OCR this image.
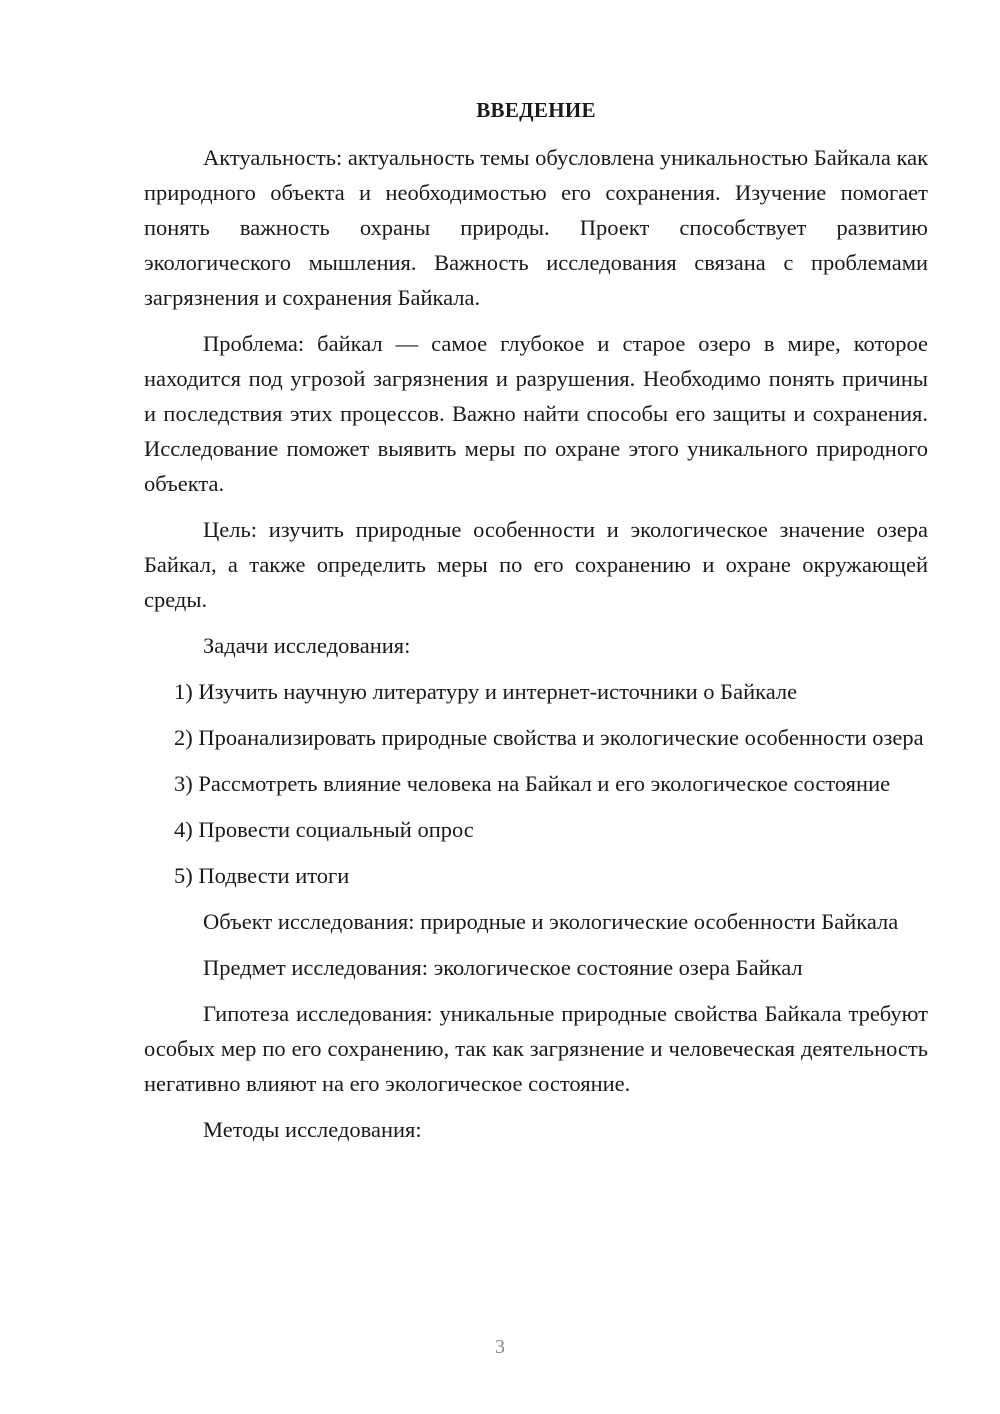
ВВЕДЕНИЕ
Актуальность: актуальность темы обусловлена уникальностью Байкала как природного объекта и необходимостью его сохранения. Изучение помогает понять важность охраны природы. Проект способствует развитию экологического мышления. Важность исследования связана с проблемами загрязнения и сохранения Байкала.
Проблема: байкал — самое глубокое и старое озеро в мире, которое находится под угрозой загрязнения и разрушения. Необходимо понять причины и последствия этих процессов. Важно найти способы его защиты и сохранения. Исследование поможет выявить меры по охране этого уникального природного объекта.
Цель: изучить природные особенности и экологическое значение озера Байкал, а также определить меры по его сохранению и охране окружающей среды.
Задачи исследования:
1) Изучить научную литературу и интернет-источники о Байкале
2) Проанализировать природные свойства и экологические особенности озера
3) Рассмотреть влияние человека на Байкал и его экологическое состояние
4) Провести социальный опрос
5) Подвести итоги
Объект исследования: природные и экологические особенности Байкала
Предмет исследования: экологическое состояние озера Байкал
Гипотеза исследования: уникальные природные свойства Байкала требуют особых мер по его сохранению, так как загрязнение и человеческая деятельность негативно влияют на его экологическое состояние.
Методы исследования:
3
